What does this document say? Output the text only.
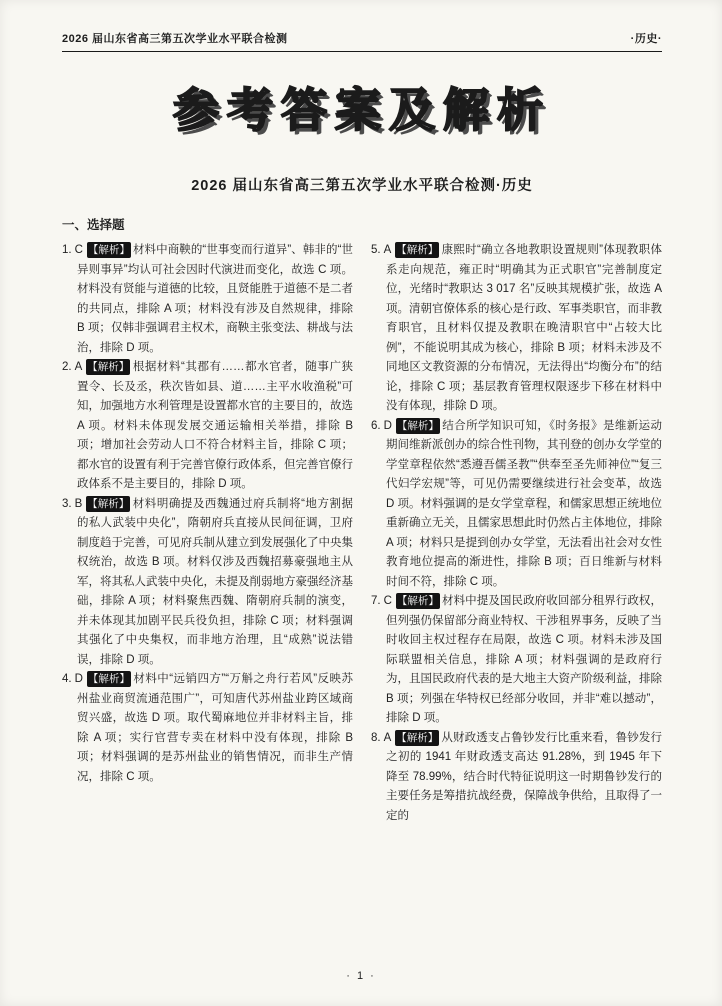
2026 届山东省高三第五次学业水平联合检测	·历史·
参考答案及解析
2026 届山东省高三第五次学业水平联合检测·历史
一、选择题
1. C 【解析】 材料中商鞅的“世事变而行道异”、韩非的“世异则事异”均认可社会因时代演进而变化，故选 C 项。材料没有贤能与道德的比较，且贤能胜于道德不是二者的共同点，排除 A 项；材料没有涉及自然规律，排除 B 项；仅韩非强调君主权术，商鞅主张变法、耕战与法治，排除 D 项。
2. A 【解析】 根据材料“其郡有……都水官者，随事广狭置令、长及丞，秩次皆如县、道……主平水收渔税”可知，加强地方水利管理是设置都水官的主要目的，故选 A 项。材料未体现发展交通运输相关举措，排除 B 项；增加社会劳动人口不符合材料主旨，排除 C 项；都水官的设置有利于完善官僚行政体系，但完善官僚行政体系不是主要目的，排除 D 项。
3. B 【解析】 材料明确提及西魏通过府兵制将“地方割据的私人武装中央化”，隋朝府兵直接从民间征调，卫府制度趋于完善，可见府兵制从建立到发展强化了中央集权统治，故选 B 项。材料仅涉及西魏招募豪强地主从军，将其私人武装中央化，未提及削弱地方豪强经济基础，排除 A 项；材料聚焦西魏、隋朝府兵制的演变，并未体现其加剧平民兵役负担，排除 C 项；材料强调其强化了中央集权，而非地方治理，且“成熟”说法错误，排除 D 项。
4. D 【解析】 材料中“远销四方”“万斛之舟行若风”反映苏州盐业商贸流通范围广”，可知唐代苏州盐业跨区域商贸兴盛，故选 D 项。取代蜀麻地位并非材料主旨，排除 A 项；实行官营专卖在材料中没有体现，排除 B 项；材料强调的是苏州盐业的销售情况，而非生产情况，排除 C 项。
5. A 【解析】 康熙时“确立各地教职设置规则”体现教职体系走向规范，雍正时“明确其为正式职官”完善制度定位，光绪时“教职达 3 017 名”反映其规模扩张，故选 A 项。清朝官僚体系的核心是行政、军事类职官，而非教育职官，且材料仅提及教职在晚清职官中“占较大比例”，不能说明其成为核心，排除 B 项；材料未涉及不同地区文教资源的分布情况，无法得出“均衡分布”的结论，排除 C 项；基层教育管理权限逐步下移在材料中没有体现，排除 D 项。
6. D 【解析】 结合所学知识可知，《时务报》是维新运动期间维新派创办的综合性刊物，其刊登的创办女学堂的学堂章程依然“悉遵吾儒圣教”“供奉至圣先师神位”“复三代妇学宏规”等，可见仍需要继续进行社会变革，故选 D 项。材料强调的是女学堂章程，和儒家思想正统地位重新确立无关，且儒家思想此时仍然占主体地位，排除 A 项；材料只是提到创办女学堂，无法看出社会对女性教育地位提高的渐进性，排除 B 项；百日维新与材料时间不符，排除 C 项。
7. C 【解析】 材料中提及国民政府收回部分租界行政权，但列强仍保留部分商业特权、干涉租界事务，反映了当时收回主权过程存在局限，故选 C 项。材料未涉及国际联盟相关信息，排除 A 项；材料强调的是政府行为，且国民政府代表的是大地主大资产阶级利益，排除 B 项；列强在华特权已经部分收回，并非“难以撼动”，排除 D 项。
8. A 【解析】 从财政透支占鲁钞发行比重来看，鲁钞发行之初的 1941 年财政透支高达 91.28%，到 1945 年下降至 78.99%，结合时代特征说明这一时期鲁钞发行的主要任务是筹措抗战经费，保障战争供给，且取得了一定的
· 1 ·
